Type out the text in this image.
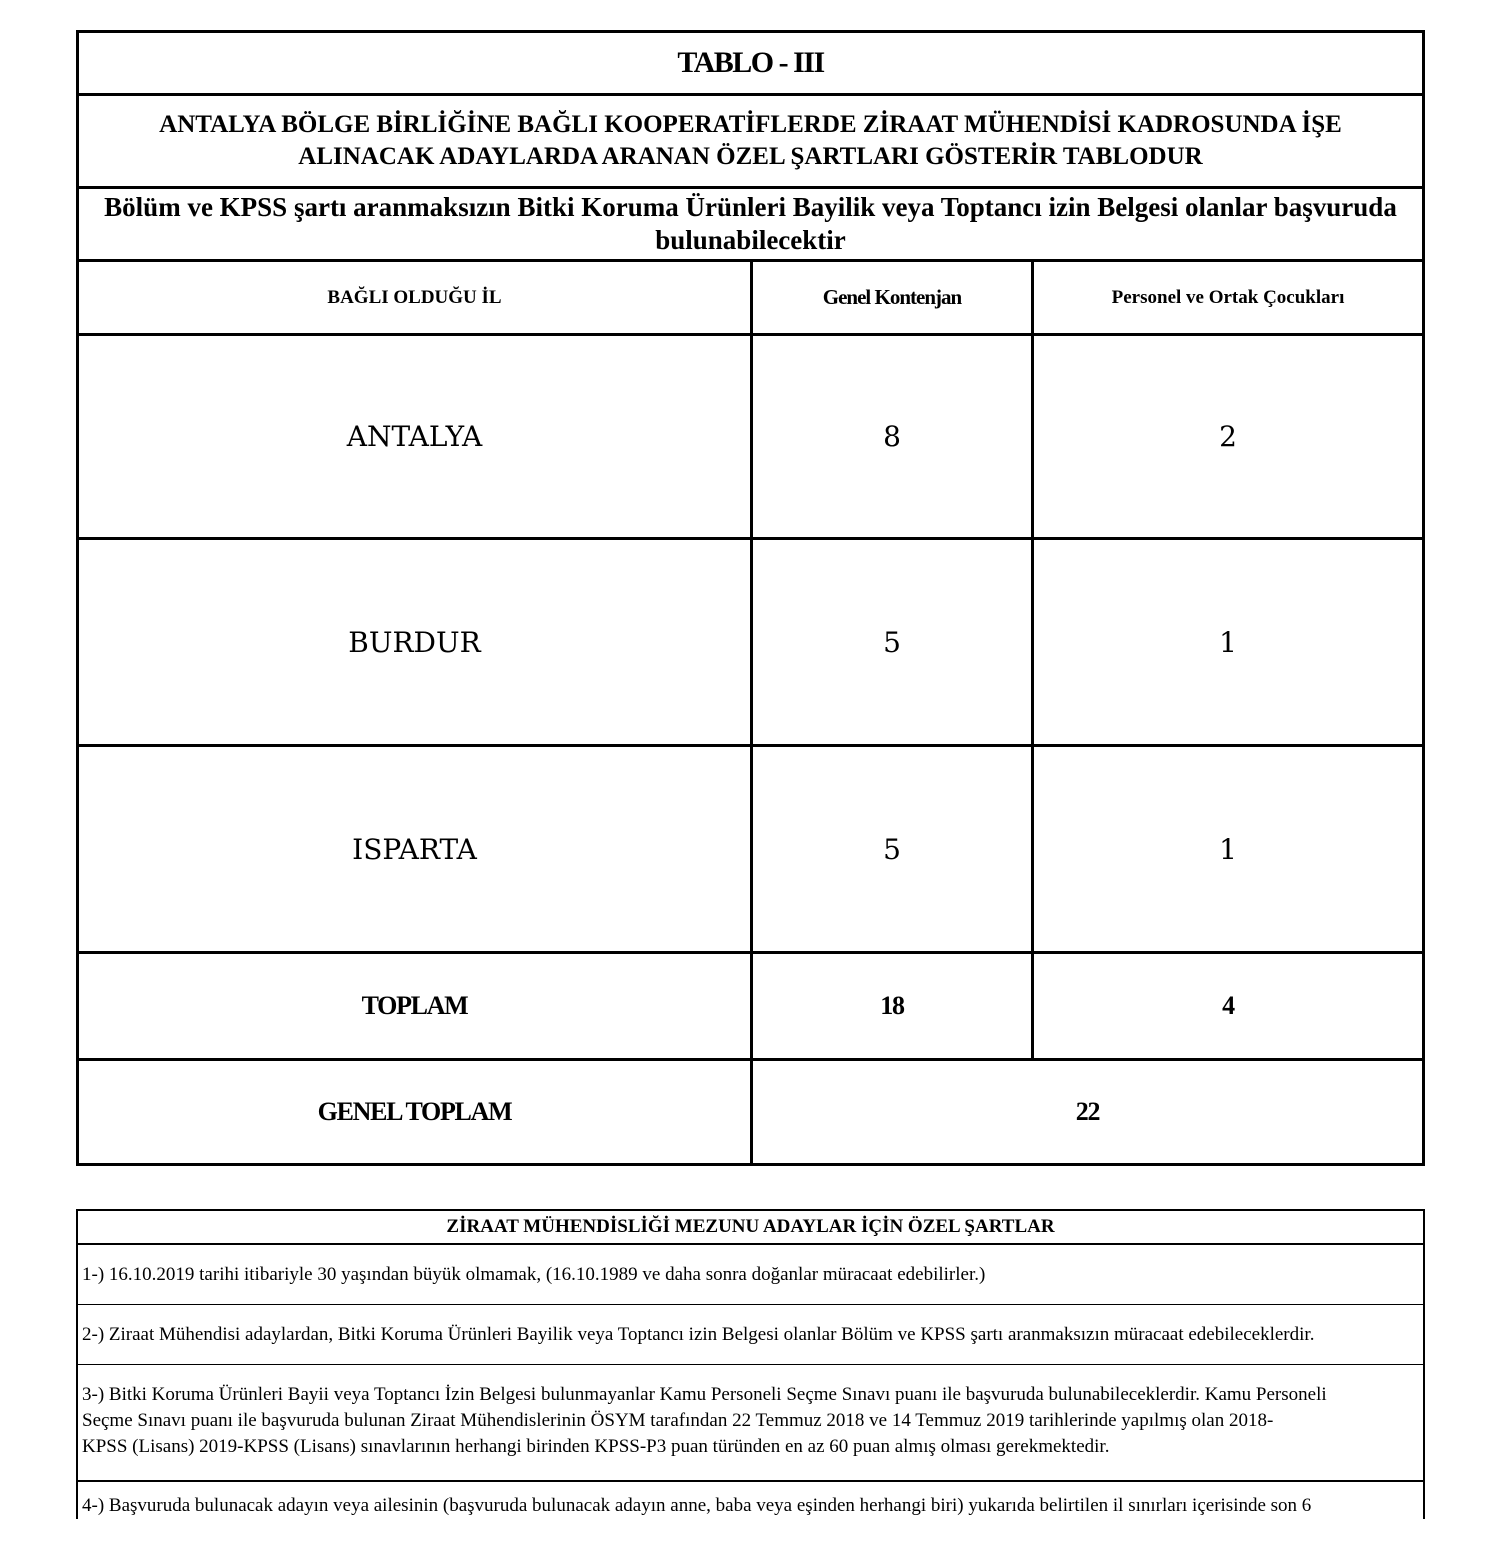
TABLO - III
ANTALYA BÖLGE BİRLİĞİNE BAĞLI KOOPERATİFLERDE ZİRAAT MÜHENDİSİ KADROSUNDA İŞE
ALINACAK ADAYLARDA ARANAN ÖZEL ŞARTLARI GÖSTERİR TABLODUR
Bölüm ve KPSS şartı aranmaksızın Bitki Koruma Ürünleri Bayilik veya Toptancı izin Belgesi olanlar başvuruda
bulunabilecektir
BAĞLI OLDUĞU İL	Genel Kontenjan	Personel ve Ortak Çocukları
ANTALYA	8	2
BURDUR	5	1
ISPARTA	5	1
TOPLAM	18	4
GENEL TOPLAM	22
ZİRAAT MÜHENDİSLİĞİ MEZUNU ADAYLAR İÇİN ÖZEL ŞARTLAR
1-) 16.10.2019 tarihi itibariyle 30 yaşından büyük olmamak, (16.10.1989 ve daha sonra doğanlar müracaat edebilirler.)
2-) Ziraat Mühendisi adaylardan, Bitki Koruma Ürünleri Bayilik veya Toptancı izin Belgesi olanlar Bölüm ve KPSS şartı aranmaksızın müracaat edebileceklerdir.
3-) Bitki Koruma Ürünleri Bayii veya Toptancı İzin Belgesi bulunmayanlar Kamu Personeli Seçme Sınavı puanı ile başvuruda bulunabileceklerdir. Kamu Personeli
Seçme Sınavı puanı ile başvuruda bulunan Ziraat Mühendislerinin ÖSYM tarafından 22 Temmuz 2018 ve 14 Temmuz 2019 tarihlerinde yapılmış olan 2018-
KPSS (Lisans) 2019-KPSS (Lisans) sınavlarının herhangi birinden KPSS-P3 puan türünden en az 60 puan almış olması gerekmektedir.
4-) Başvuruda bulunacak adayın veya ailesinin (başvuruda bulunacak adayın anne, baba veya eşinden herhangi biri) yukarıda belirtilen il sınırları içerisinde son 6
